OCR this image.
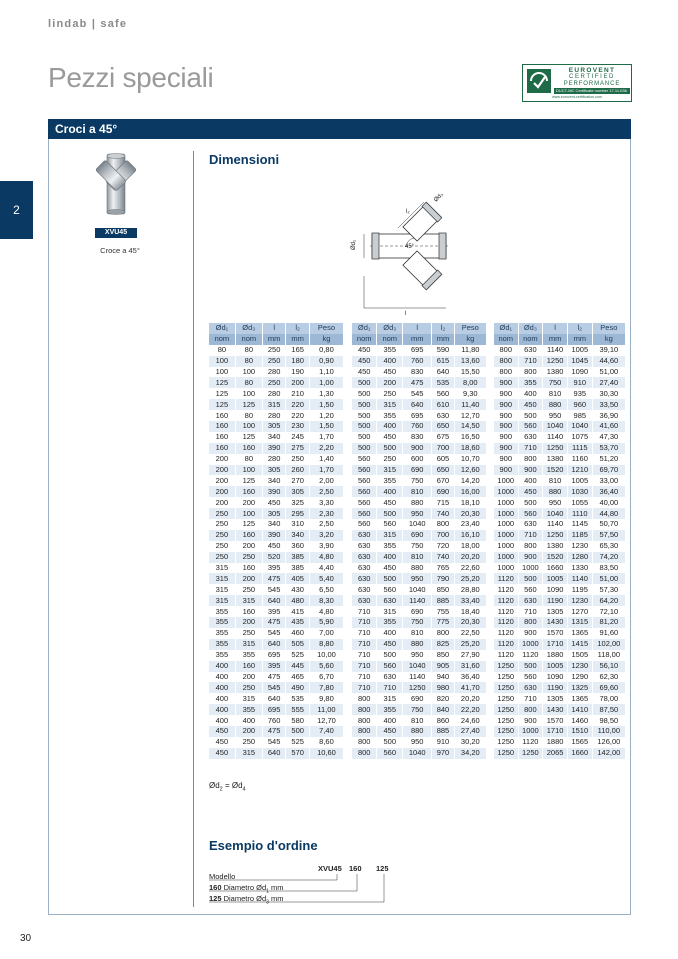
lindab | safe
Pezzi speciali	EUROVENT
CERTIFIED
PERFORMANCE
DUCT-MC Certificate number 17.11.036
www.eurovent-certification.com
2
Croci a 45°
XVU45
Croce a 45°
Dimensioni
Ød₁
Ød₃
l
l₂
45°
Ød₁	Ød₃	l	l₂	Peso
nom	nom	mm	mm	kg
80	80	250	165	0,80
100	80	250	180	0,90
100	100	280	190	1,10
125	80	250	200	1,00
125	100	280	210	1,30
125	125	315	220	1,50
160	80	280	220	1,20
160	100	305	230	1,50
160	125	340	245	1,70
160	160	390	275	2,20
200	80	280	250	1,40
200	100	305	260	1,70
200	125	340	270	2,00
200	160	390	305	2,50
200	200	450	325	3,30
250	100	305	295	2,30
250	125	340	310	2,50
250	160	390	340	3,20
250	200	450	360	3,90
250	250	520	385	4,80
315	160	395	385	4,40
315	200	475	405	5,40
315	250	545	430	6,50
315	315	640	480	8,30
355	160	395	415	4,80
355	200	475	435	5,90
355	250	545	460	7,00
355	315	640	505	8,80
355	355	695	525	10,00
400	160	395	445	5,60
400	200	475	465	6,70
400	250	545	490	7,80
400	315	640	535	9,80
400	355	695	555	11,00
400	400	760	580	12,70
450	200	475	500	7,40
450	250	545	525	8,60
450	315	640	570	10,60
Ød₁	Ød₃	l	l₂	Peso
nom	nom	mm	mm	kg
450	355	695	590	11,80
450	400	760	615	13,60
450	450	830	640	15,50
500	200	475	535	8,00
500	250	545	560	9,30
500	315	640	610	11,40
500	355	695	630	12,70
500	400	760	650	14,50
500	450	830	675	16,50
500	500	900	700	18,60
560	250	600	605	10,70
560	315	690	650	12,60
560	355	750	670	14,20
560	400	810	690	16,00
560	450	880	715	18,10
560	500	950	740	20,30
560	560	1040	800	23,40
630	315	690	700	16,10
630	355	750	720	18,00
630	400	810	740	20,20
630	450	880	765	22,60
630	500	950	790	25,20
630	560	1040	850	28,80
630	630	1140	885	33,40
710	315	690	755	18,40
710	355	750	775	20,30
710	400	810	800	22,50
710	450	880	825	25,20
710	500	950	850	27,90
710	560	1040	905	31,60
710	630	1140	940	36,40
710	710	1250	980	41,70
800	315	690	820	20,20
800	355	750	840	22,20
800	400	810	860	24,60
800	450	880	885	27,40
800	500	950	910	30,20
800	560	1040	970	34,20
Ød₁	Ød₃	l	l₂	Peso
nom	nom	mm	mm	kg
800	630	1140	1005	39,10
800	710	1250	1045	44,60
800	800	1380	1090	51,00
900	355	750	910	27,40
900	400	810	935	30,30
900	450	880	960	33,50
900	500	950	985	36,90
900	560	1040	1040	41,60
900	630	1140	1075	47,30
900	710	1250	1115	53,70
900	800	1380	1160	51,20
900	900	1520	1210	69,70
1000	400	810	1005	33,00
1000	450	880	1030	36,40
1000	500	950	1055	40,00
1000	560	1040	1110	44,80
1000	630	1140	1145	50,70
1000	710	1250	1185	57,50
1000	800	1380	1230	65,30
1000	900	1520	1280	74,20
1000	1000	1660	1330	83,50
1120	500	1005	1140	51,00
1120	560	1090	1195	57,30
1120	630	1190	1230	64,20
1120	710	1305	1270	72,10
1120	800	1430	1315	81,20
1120	900	1570	1365	91,60
1120	1000	1710	1415	102,00
1120	1120	1880	1505	118,00
1250	500	1005	1230	56,10
1250	560	1090	1290	62,30
1250	630	1190	1325	69,60
1250	710	1305	1365	78,00
1250	800	1430	1410	87,50
1250	900	1570	1460	98,50
1250	1000	1710	1510	110,00
1250	1120	1880	1565	126,00
1250	1250	2065	1660	142,00
$Ød_2$ = $Ød_4$
Esempio d'ordine
XVU45 160 125
Modello
160 Diametro $Ød_1$ mm
125 Diametro $Ød_3$ mm
30
